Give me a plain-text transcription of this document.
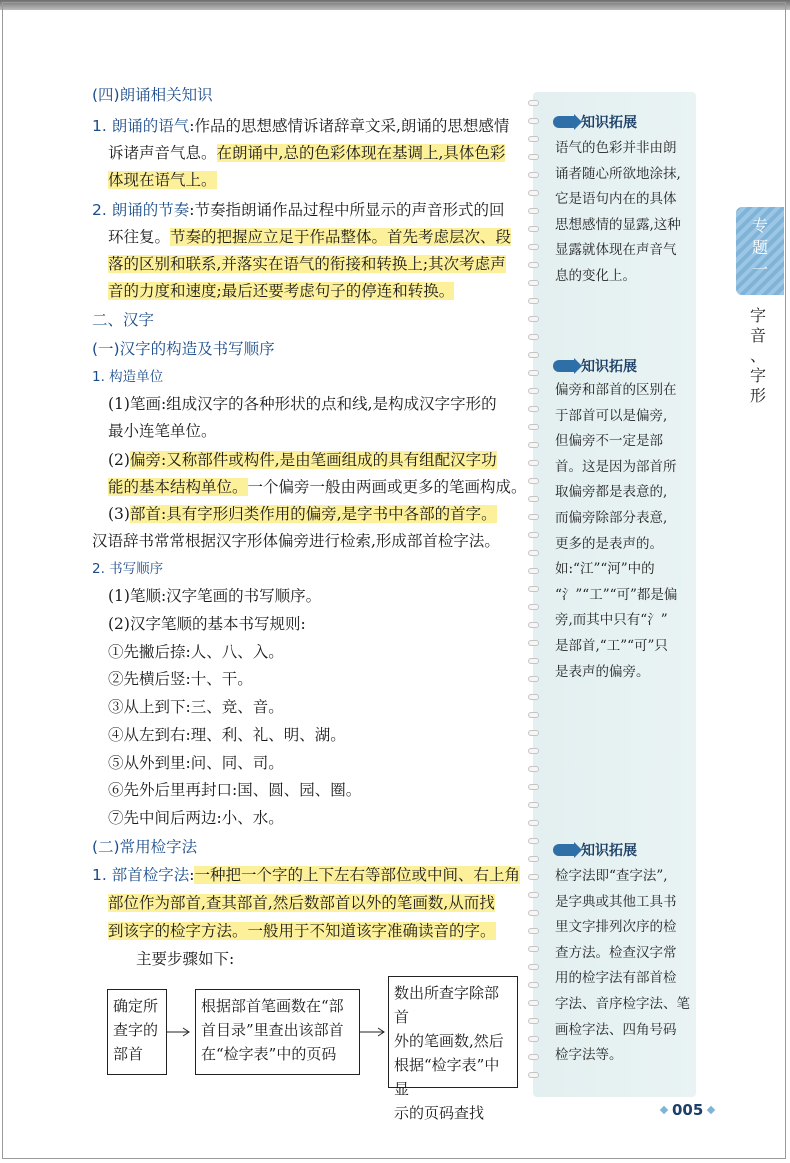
(四)朗诵相关知识
1. 朗诵的语气:作品的思想感情诉诸辞章文采,朗诵的思想感情
诉诸声音气息。在朗诵中,总的色彩体现在基调上,具体色彩
体现在语气上。
2. 朗诵的节奏:节奏指朗诵作品过程中所显示的声音形式的回
环往复。节奏的把握应立足于作品整体。首先考虑层次、段
落的区别和联系,并落实在语气的衔接和转换上;其次考虑声
音的力度和速度;最后还要考虑句子的停连和转换。
二、汉字
(一)汉字的构造及书写顺序
1. 构造单位
(1)笔画:组成汉字的各种形状的点和线,是构成汉字字形的
最小连笔单位。
(2)偏旁:又称部件或构件,是由笔画组成的具有组配汉字功
能的基本结构单位。一个偏旁一般由两画或更多的笔画构成。
(3)部首:具有字形归类作用的偏旁,是字书中各部的首字。
汉语辞书常常根据汉字形体偏旁进行检索,形成部首检字法。
2. 书写顺序
(1)笔顺:汉字笔画的书写顺序。
(2)汉字笔顺的基本书写规则:
①先撇后捺:人、八、入。
②先横后竖:十、干。
③从上到下:三、竞、音。
④从左到右:理、利、礼、明、湖。
⑤从外到里:问、同、司。
⑥先外后里再封口:国、圆、园、圈。
⑦先中间后两边:小、水。
(二)常用检字法
1. 部首检字法:一种把一个字的上下左右等部位或中间、右上角
部位作为部首,查其部首,然后数部首以外的笔画数,从而找
到该字的检字方法。一般用于不知道该字准确读音的字。
主要步骤如下:
确定所
查字的
部首
根据部首笔画数在“部
首目录”里查出该部首
在“检字表”中的页码
数出所查字除部首
外的笔画数,然后
根据“检字表”中显
示的页码查找
知识拓展
语气的色彩并非由朗
诵者随心所欲地涂抹,
它是语句内在的具体
思想感情的显露,这种
显露就体现在声音气
息的变化上。
知识拓展
偏旁和部首的区别在
于部首可以是偏旁,
但偏旁不一定是部
首。这是因为部首所
取偏旁都是表意的,
而偏旁除部分表意,
更多的是表声的。
如:“江”“河”中的
“氵”“工”“可”都是偏
旁,而其中只有“氵”
是部首,“工”“可”只
是表声的偏旁。
知识拓展
检字法即“查字法”,
是字典或其他工具书
里文字排列次序的检
查方法。检查汉字常
用的检字法有部首检
字法、音序检字法、笔
画检字法、四角号码
检字法等。
专
题
一
字
音
、
字
形
005
